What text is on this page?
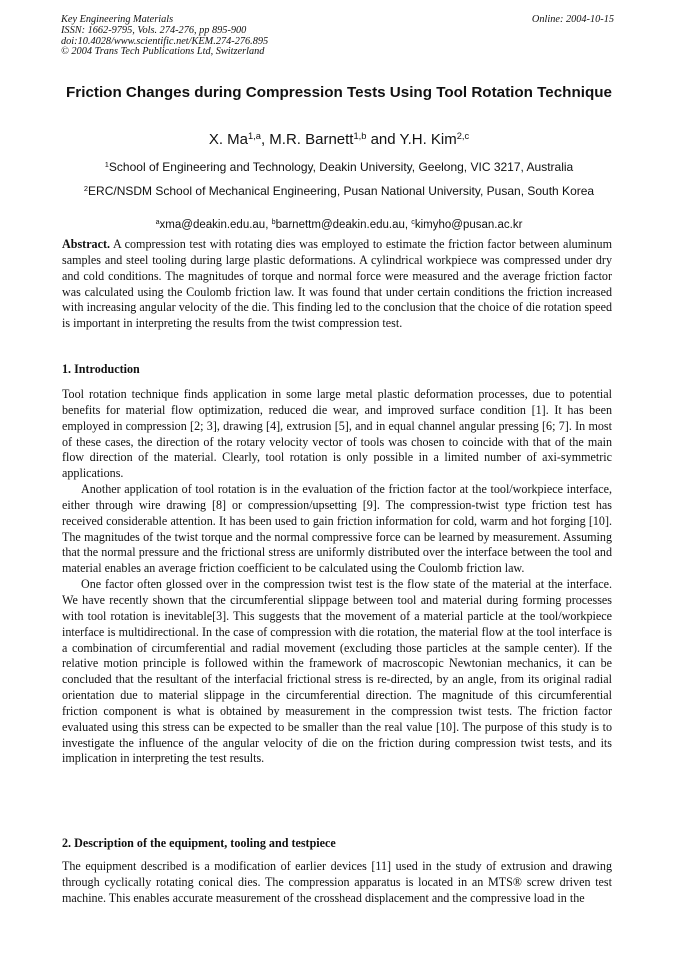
Key Engineering Materials
ISSN: 1662-9795, Vols. 274-276, pp 895-900
doi:10.4028/www.scientific.net/KEM.274-276.895
© 2004 Trans Tech Publications Ltd, Switzerland
Online: 2004-10-15
Friction Changes during Compression Tests Using Tool Rotation Technique
X. Ma$^{1,a}$, M.R. Barnett$^{1,b}$ and Y.H. Kim$^{2,c}$
$^1$School of Engineering and Technology, Deakin University, Geelong, VIC 3217, Australia
$^2$ERC/NSDM School of Mechanical Engineering, Pusan National University, Pusan, South Korea

$^a$xma@deakin.edu.au, $^b$barnettm@deakin.edu.au, $^c$kimyho@pusan.ac.kr

Abstract. A compression test with rotating dies was employed to estimate the friction factor between aluminum samples and steel tooling during large plastic deformations. A cylindrical workpiece was compressed under dry and cold conditions. The magnitudes of torque and normal force were measured and the average friction factor was calculated using the Coulomb friction law. It was found that under certain conditions the friction increased with increasing angular velocity of the die. This finding led to the conclusion that the choice of die rotation speed is important in interpreting the results from the twist compression test.
1. Introduction

Tool rotation technique finds application in some large metal plastic deformation processes, due to potential benefits for material flow optimization, reduced die wear, and improved surface condition [1]. It has been employed in compression [2; 3], drawing [4], extrusion [5], and in equal channel angular pressing [6; 7]. In most of these cases, the direction of the rotary velocity vector of tools was chosen to coincide with that of the main flow direction of the material. Clearly, tool rotation is only possible in a limited number of axi-symmetric applications.

Another application of tool rotation is in the evaluation of the friction factor at the tool/workpiece interface, either through wire drawing [8] or compression/upsetting [9]. The compression-twist type friction test has received considerable attention. It has been used to gain friction information for cold, warm and hot forging [10]. The magnitudes of the twist torque and the normal compressive force can be learned by measurement. Assuming that the normal pressure and the frictional stress are uniformly distributed over the interface between the tool and material enables an average friction coefficient to be calculated using the Coulomb friction law.

One factor often glossed over in the compression twist test is the flow state of the material at the interface. We have recently shown that the circumferential slippage between tool and material during forming processes with tool rotation is inevitable[3]. This suggests that the movement of a material particle at the tool/workpiece interface is multidirectional. In the case of compression with die rotation, the material flow at the tool interface is a combination of circumferential and radial movement (excluding those particles at the sample center). If the relative motion principle is followed within the framework of macroscopic Newtonian mechanics, it can be concluded that the resultant of the interfacial frictional stress is re-directed, by an angle, from its original radial orientation due to material slippage in the circumferential direction. The magnitude of this circumferential friction component is what is obtained by measurement in the compression twist tests. The friction factor evaluated using this stress can be expected to be smaller than the real value [10]. The purpose of this study is to investigate the influence of the angular velocity of die on the friction during compression twist tests, and its implication in interpreting the test results.

2. Description of the equipment, tooling and testpiece

The equipment described is a modification of earlier devices [11] used in the study of extrusion and drawing through cyclically rotating conical dies. The compression apparatus is located in an MTS® screw driven test machine. This enables accurate measurement of the crosshead displacement and the compressive load in the
